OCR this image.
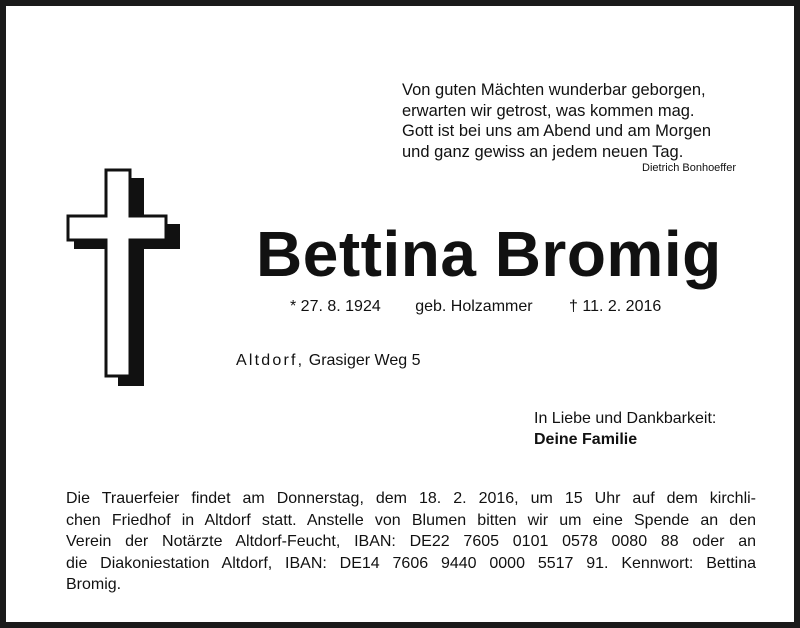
Von guten Mächten wunderbar geborgen,
erwarten wir getrost, was kommen mag.
Gott ist bei uns am Abend und am Morgen
und ganz gewiss an jedem neuen Tag.
Dietrich Bonhoeffer
Bettina Bromig
* 27. 8. 1924 geb. Holzammer † 11. 2. 2016
Altdorf, Grasiger Weg 5
In Liebe und Dankbarkeit:
Deine Familie
Die Trauerfeier findet am Donnerstag, dem 18. 2. 2016, um 15 Uhr auf dem kirchli-
chen Friedhof in Altdorf statt. Anstelle von Blumen bitten wir um eine Spende an den
Verein der Notärzte Altdorf-Feucht, IBAN: DE22 7605 0101 0578 0080 88 oder an
die Diakoniestation Altdorf, IBAN: DE14 7606 9440 0000 5517 91. Kennwort: Bettina
Bromig.
